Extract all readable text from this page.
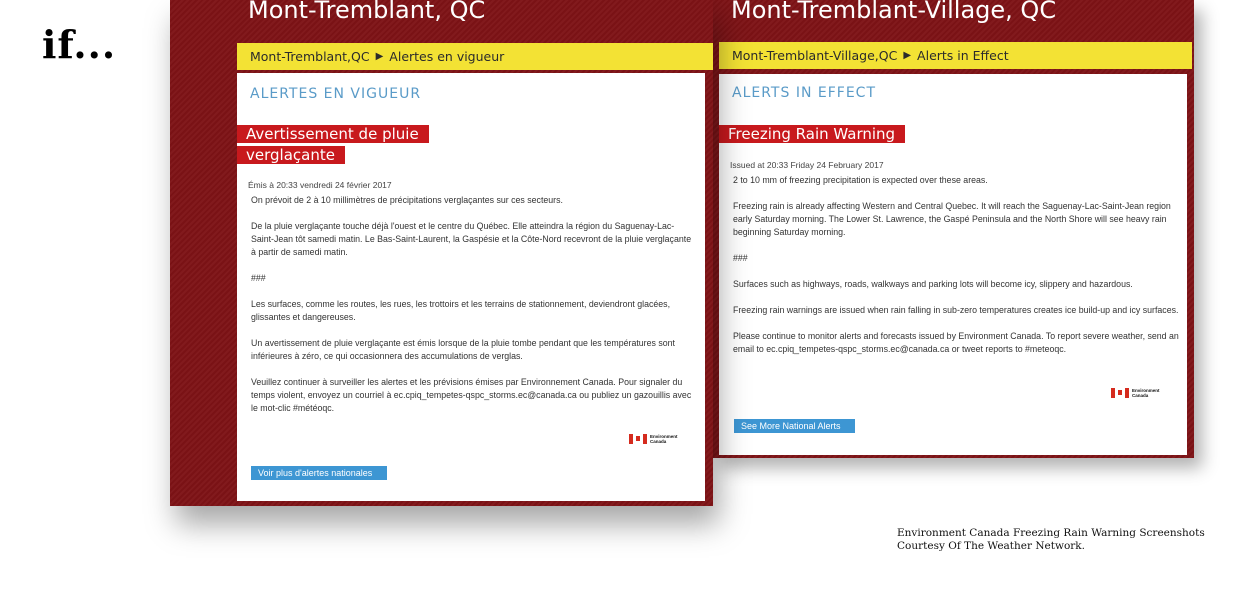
if...
Mont-Tremblant, QC
Mont-Tremblant,QC ▶ Alertes en vigueur
ALERTES EN VIGUEUR
Avertissement de pluie
verglaçante
Émis à 20:33 vendredi 24 février 2017

On prévoit de 2 à 10 millimètres de précipitations verglaçantes sur ces secteurs.

De la pluie verglaçante touche déjà l'ouest et le centre du Québec. Elle atteindra la région du Saguenay-Lac-Saint-Jean tôt samedi matin. Le Bas-Saint-Laurent, la Gaspésie et la Côte-Nord recevront de la pluie verglaçante à partir de samedi matin.

###

Les surfaces, comme les routes, les rues, les trottoirs et les terrains de stationnement, deviendront glacées, glissantes et dangereuses.

Un avertissement de pluie verglaçante est émis lorsque de la pluie tombe pendant que les températures sont inférieures à zéro, ce qui occasionnera des accumulations de verglas.

Veuillez continuer à surveiller les alertes et les prévisions émises par Environnement Canada. Pour signaler du temps violent, envoyez un courriel à ec.cpiq_tempetes-qspc_storms.ec@canada.ca ou publiez un gazouillis avec le mot-clic #météoqc.

Environment
Canada
Voir plus d'alertes nationales
Mont-Tremblant-Village, QC
Mont-Tremblant-Village,QC ▶ Alerts in Effect
ALERTS IN EFFECT
Freezing Rain Warning
Issued at 20:33 Friday 24 February 2017

2 to 10 mm of freezing precipitation is expected over these areas.

Freezing rain is already affecting Western and Central Quebec. It will reach the Saguenay-Lac-Saint-Jean region early Saturday morning. The Lower St. Lawrence, the Gaspé Peninsula and the North Shore will see heavy rain beginning Saturday morning.

###

Surfaces such as highways, roads, walkways and parking lots will become icy, slippery and hazardous.

Freezing rain warnings are issued when rain falling in sub-zero temperatures creates ice build-up and icy surfaces.

Please continue to monitor alerts and forecasts issued by Environment Canada. To report severe weather, send an email to ec.cpiq_tempetes-qspc_storms.ec@canada.ca or tweet reports to #meteoqc.

Environment
Canada
See More National Alerts
Environment Canada Freezing Rain Warning Screenshots
Courtesy Of The Weather Network.
